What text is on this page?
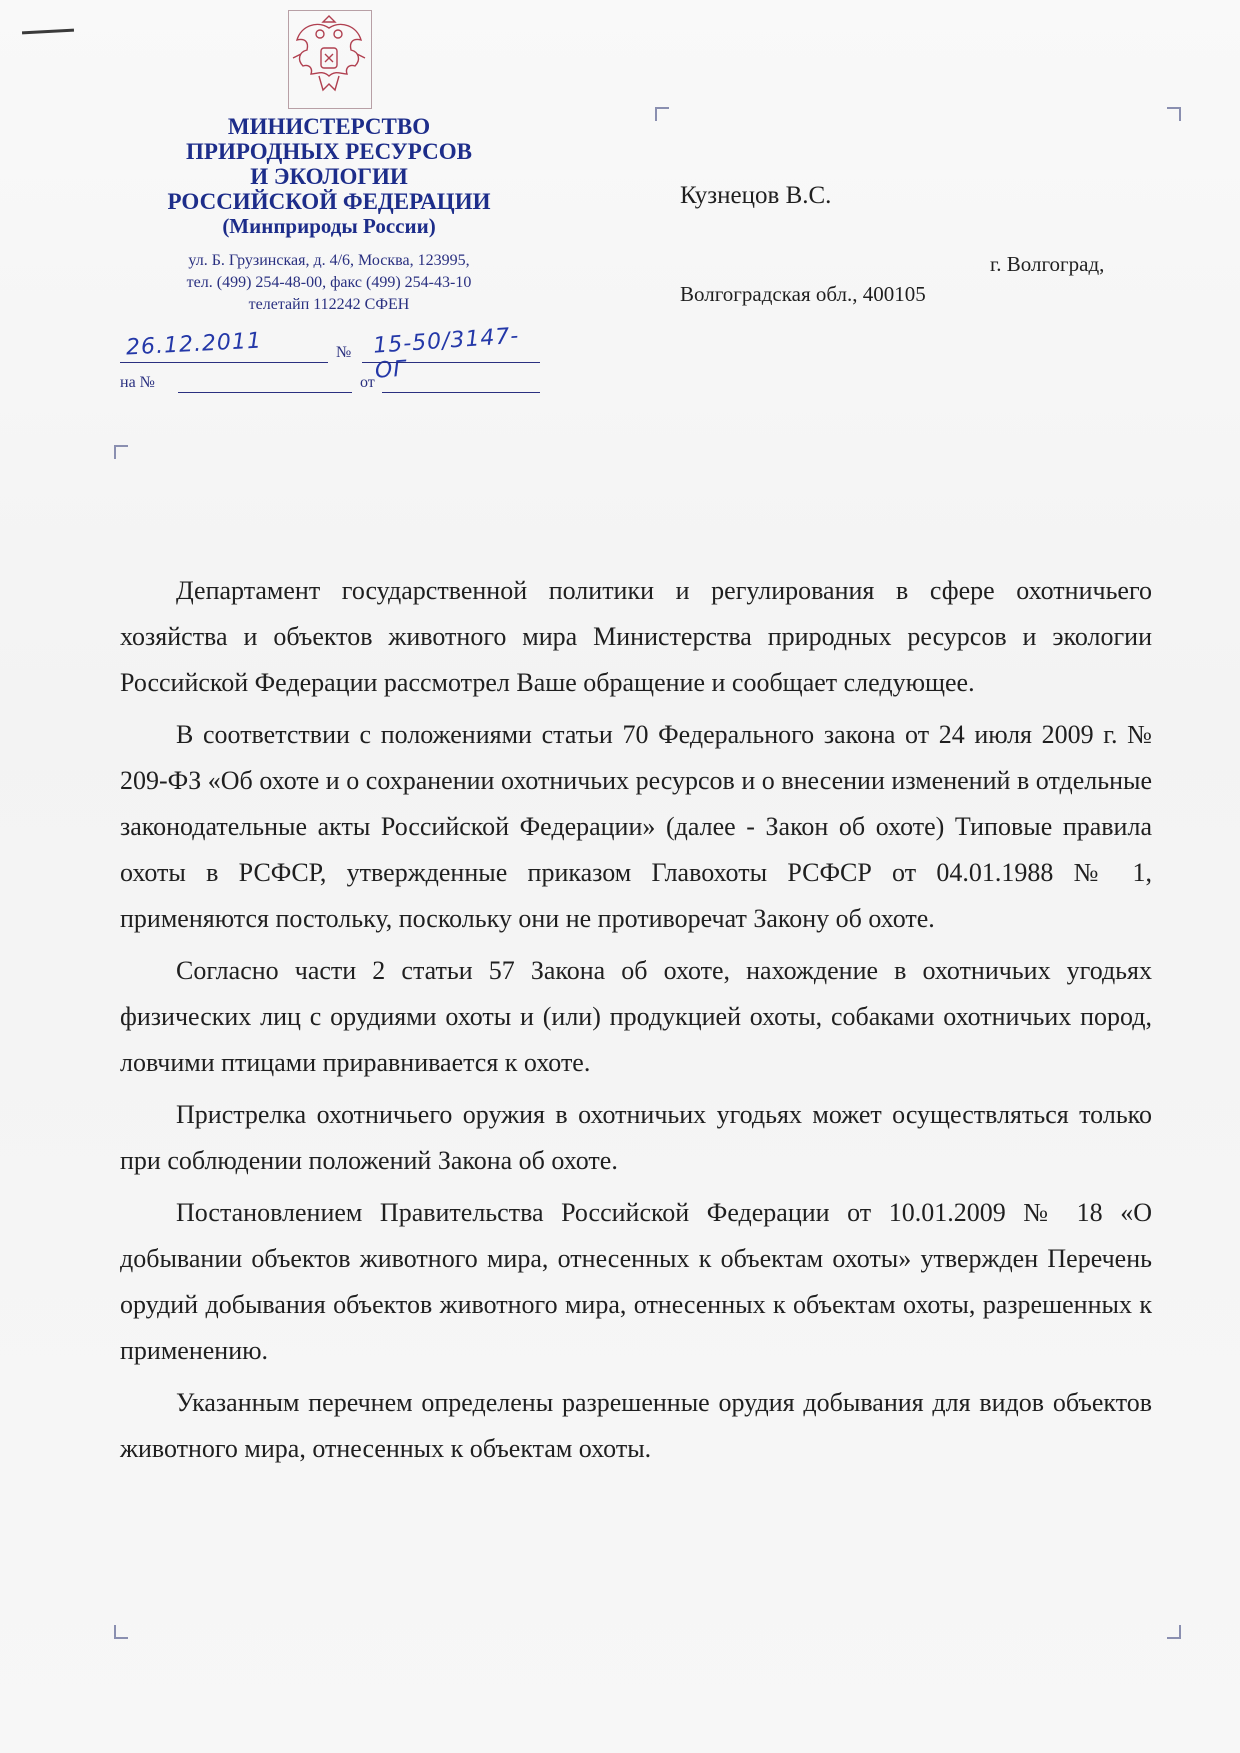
МИНИСТЕРСТВО
ПРИРОДНЫХ РЕСУРСОВ
И ЭКОЛОГИИ
РОССИЙСКОЙ ФЕДЕРАЦИИ
(Минприроды России)
ул. Б. Грузинская, д. 4/6, Москва, 123995,
тел. (499) 254-48-00, факс (499) 254-43-10
телетайп 112242 СФЕН
26.12.2011	№ 15-50/3147-ОГ
на №	от
Кузнецов В.С.
г. Волгоград,
Волгоградская обл., 400105

Департамент государственной политики и регулирования в сфере охотничьего хозяйства и объектов животного мира Министерства природных ресурсов и экологии Российской Федерации рассмотрел Ваше обращение и сообщает следующее.

В соответствии с положениями статьи 70 Федерального закона от 24 июля 2009 г. № 209-ФЗ «Об охоте и о сохранении охотничьих ресурсов и о внесении изменений в отдельные законодательные акты Российской Федерации» (далее - Закон об охоте) Типовые правила охоты в РСФСР, утвержденные приказом Главохоты РСФСР от 04.01.1988 № 1, применяются постольку, поскольку они не противоречат Закону об охоте.

Согласно части 2 статьи 57 Закона об охоте, нахождение в охотничьих угодьях физических лиц с орудиями охоты и (или) продукцией охоты, собаками охотничьих пород, ловчими птицами приравнивается к охоте.

Пристрелка охотничьего оружия в охотничьих угодьях может осуществляться только при соблюдении положений Закона об охоте.

Постановлением Правительства Российской Федерации от 10.01.2009 № 18 «О добывании объектов животного мира, отнесенных к объектам охоты» утвержден Перечень орудий добывания объектов животного мира, отнесенных к объектам охоты, разрешенных к применению.

Указанным перечнем определены разрешенные орудия добывания для видов объектов животного мира, отнесенных к объектам охоты.
